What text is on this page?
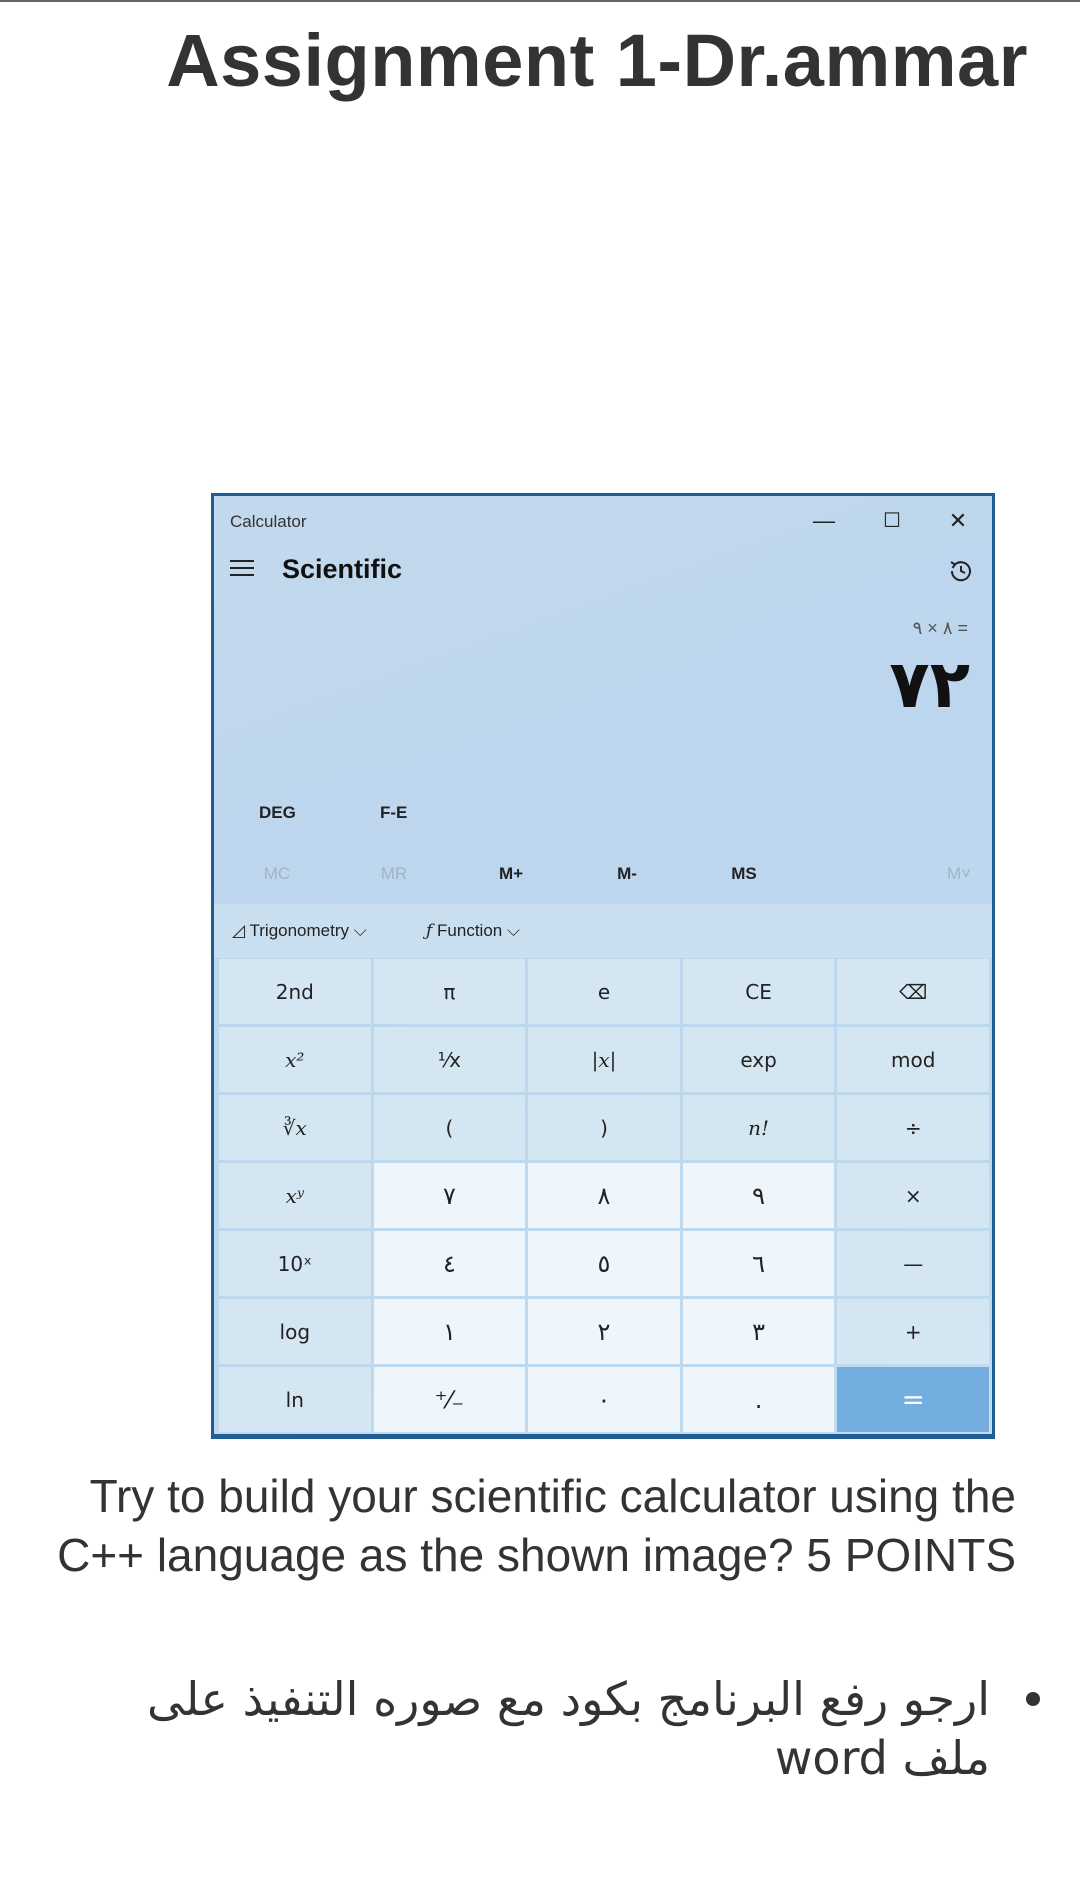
Assignment 1-Dr.ammar
Calculator	—	☐	✕
Scientific
٨ × ٩ =
٧٢
DEG	F-E
MC	MR	M+	M-	MS	M˅
◿ Trigonometry ⌵	ƒ Function ⌵
2nd	π	e	CE	⌫
x²	¹⁄x	|x|	exp	mod
∛x	(	)	n!	÷
xʸ	٧	٨	٩	×
10ˣ	٤	٥	٦	—
log	١	٢	٣	+
ln	⁺⁄₋	٠	.	=
Try to build your scientific calculator using the C++ language as the shown image? 5 POINTS
ارجو رفع البرنامج بكود مع صوره التنفيذ على ملف word
